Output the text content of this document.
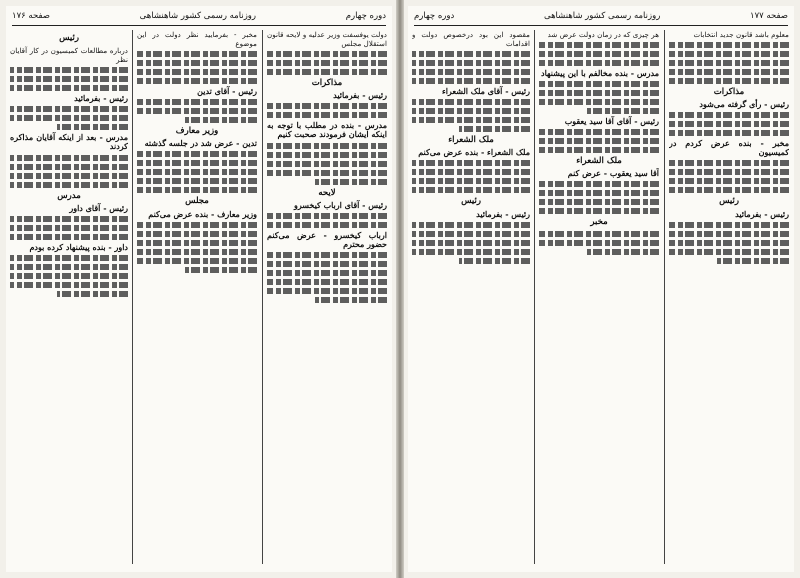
دوره چهارم
روزنامه رسمی کشور شاهنشاهی
صفحه ۱۷۶
رئیس

درباره مطالعات کمیسیون در کار آقایان نظر

رئیس - بفرمائید

مدرس - بعد از اینکه آقایان مذاکره کردند

مدرس

رئیس - آقای داور

داور - بنده پیشنهاد کرده بودم

مخبر - بفرمایید نظر دولت در این موضوع

رئیس - آقای تدین

وزیر معارف

تدین - عرض شد در جلسه گذشته

مجلس

وزیر معارف - بنده عرض می‌کنم

دولت یوفسفت وزیر عدلیه و لایحه قانون استقلال مجلس

مذاکرات

رئیس - بفرمائید

مدرس - بنده در مطلب با توجه به اینکه ایشان فرمودند صحبت کنیم

لایحه

رئیس - آقای ارباب کیخسرو

ارباب کیخسرو - عرض می‌کنم حضور محترم

صفحه ۱۷۷
روزنامه رسمی کشور شاهنشاهی
دوره چهارم

مقصود این بود درخصوص دولت و اقدامات

رئیس - آقای ملک الشعراء

ملک الشعراء

ملک الشعراء - بنده عرض می‌کنم

رئیس

رئیس - بفرمائید

هر چیزی که در زمان دولت عرض شد

مدرس - بنده مخالفم با این پیشنهاد

رئیس - آقای آقا سید یعقوب

ملک الشعراء

آقا سید یعقوب - عرض کنم

مخبر

معلوم باشد قانون جدید انتخابات

مذاکرات

رئیس - رأی گرفته می‌شود

مخبر - بنده عرض کردم در کمیسیون

رئیس

رئیس - بفرمائید
